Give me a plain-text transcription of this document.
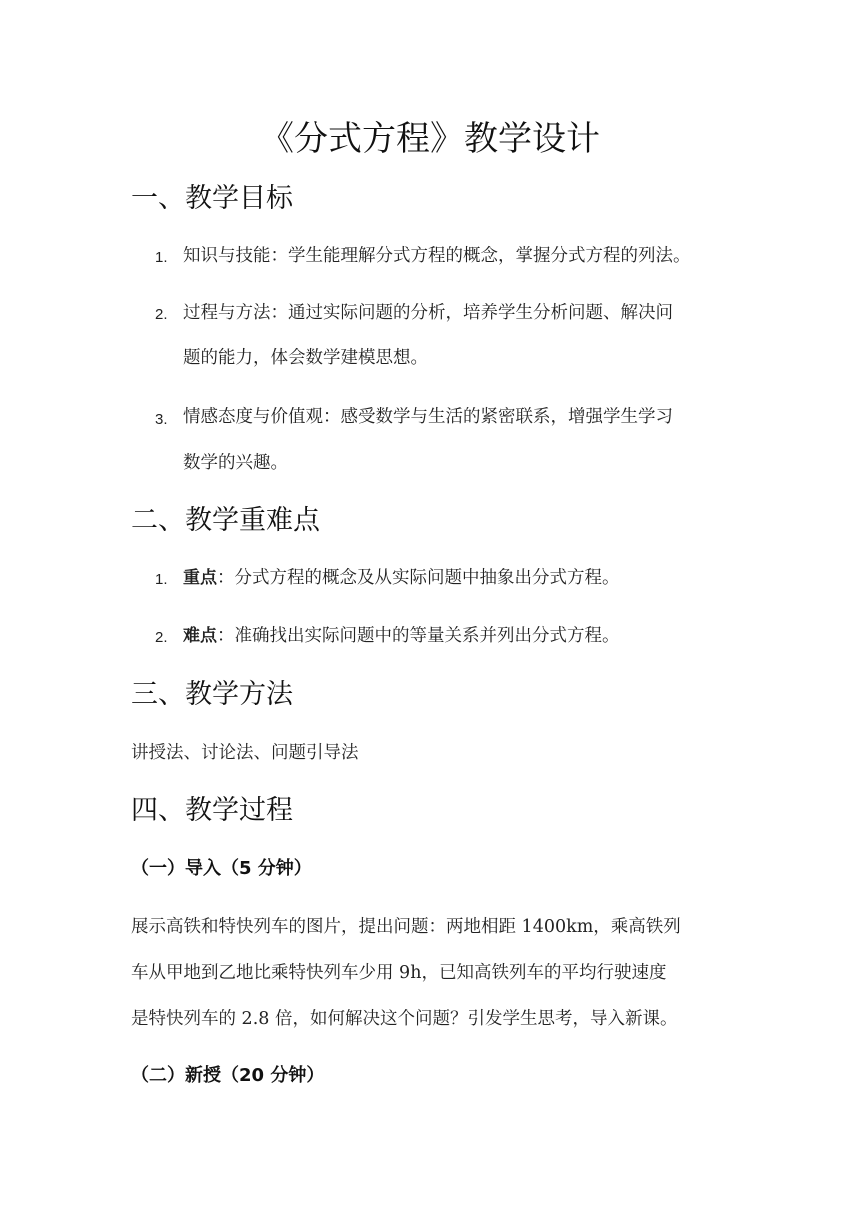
《分式方程》教学设计
一、教学目标
1. 知识与技能：学生能理解分式方程的概念，掌握分式方程的列法。
2. 过程与方法：通过实际问题的分析，培养学生分析问题、解决问
题的能力，体会数学建模思想。
3. 情感态度与价值观：感受数学与生活的紧密联系，增强学生学习
数学的兴趣。
二、教学重难点
1. 重点：分式方程的概念及从实际问题中抽象出分式方程。
2. 难点：准确找出实际问题中的等量关系并列出分式方程。
三、教学方法
讲授法、讨论法、问题引导法
四、教学过程
（一）导入（5 分钟）
展示高铁和特快列车的图片，提出问题：两地相距 1400km，乘高铁列
车从甲地到乙地比乘特快列车少用 9h，已知高铁列车的平均行驶速度
是特快列车的 2.8 倍，如何解决这个问题？引发学生思考，导入新课。
（二）新授（20 分钟）
